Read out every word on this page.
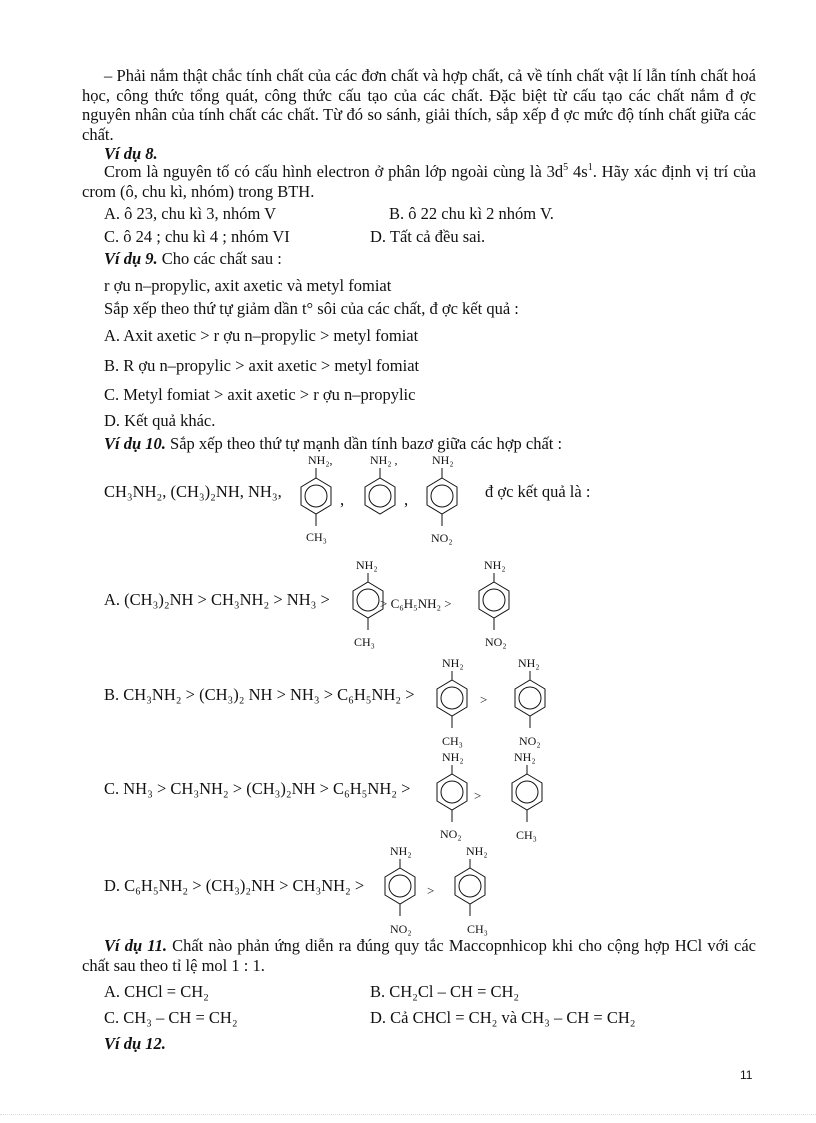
– Phải nắm thật chắc tính chất của các đơn chất và hợp chất, cả về tính chất vật lí lẫn tính chất hoá học, công thức tổng quát, công thức cấu tạo của các chất. Đặc biệt từ cấu tạo các chất nắm đ ợc nguyên nhân của tính chất các chất. Từ đó so sánh, giải thích, sắp xếp đ ợc mức độ tính chất giữa các chất.
Ví dụ 8.
Crom là nguyên tố có cấu hình electron ở phân lớp ngoài cùng là $3d^5$ $4s^1$. Hãy xác định vị trí của crom (ô, chu kì, nhóm) trong BTH.
A. ô 23, chu kì 3, nhóm V	B. ô 22 chu kì 2 nhóm V.
C. ô 24 ; chu kì 4 ; nhóm VI	D. Tất cả đều sai.
Ví dụ 9. Cho các chất sau :
r ợu n–propylic, axit axetic và metyl fomiat
Sắp xếp theo thứ tự giảm dần t° sôi của các chất, đ ợc kết quả :
A. Axit axetic > r ợu n–propylic > metyl fomiat
B. R ợu n–propylic > axit axetic > metyl fomiat
C. Metyl fomiat > axit axetic > r ợu n–propylic
D. Kết quả khác.
Ví dụ 10. Sắp xếp theo thứ tự mạnh dần tính bazơ giữa các hợp chất :
CH₃NH₂, (CH₃)₂NH, NH₃,	,	,	đ ợc kết quả là :
NH₂,
CH₃
NH₂ ,	NH₂
NO₂
A. (CH₃)₂NH > CH₃NH₂ > NH₃ >	> C₆H₅NH₂ >
NH₂
CH₃
NH₂
NO₂
B. CH₃NH₂ > (CH₃)₂ NH > NH₃ > C₆H₅NH₂ >	>
NH₂
CH₃
NH₂
NO₂
C. NH₃ > CH₃NH₂ > (CH₃)₂NH > C₆H₅NH₂ >	>
NH₂
NO₂
NH₂
CH₃
D. C₆H₅NH₂ > (CH₃)₂NH > CH₃NH₂ >	>
NH₂
NO₂
NH₂
CH₃
Ví dụ 11. Chất nào phản ứng diễn ra đúng quy tắc Maccopnhicop khi cho cộng hợp HCl với các chất sau theo tỉ lệ mol 1 : 1.
A. CHCl = CH₂	B. CH₂Cl – CH = CH₂
C. CH₃ – CH = CH₂	D. Cả CHCl = CH₂ và CH₃ – CH = CH₂
Ví dụ 12.
11
